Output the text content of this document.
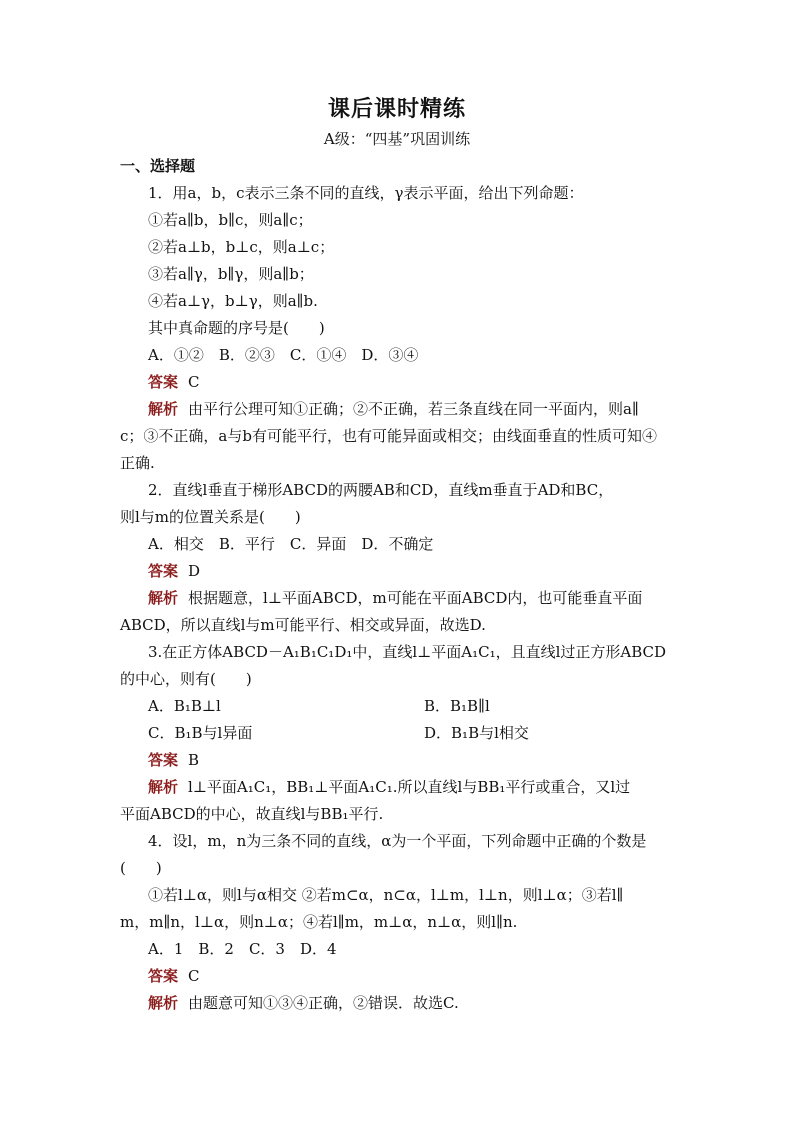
课后课时精练
A级：“四基”巩固训练
一、选择题
1．用a，b，c表示三条不同的直线，γ表示平面，给出下列命题：
①若a∥b，b∥c，则a∥c；
②若a⊥b，b⊥c，则a⊥c；
③若a∥γ，b∥γ，则a∥b；
④若a⊥γ，b⊥γ，则a∥b.
其中真命题的序号是(　　)
A．①②　B．②③　C．①④　D．③④
答案 C
解析 由平行公理可知①正确；②不正确，若三条直线在同一平面内，则a∥
c；③不正确，a与b有可能平行，也有可能异面或相交；由线面垂直的性质可知④
正确.
2．直线l垂直于梯形ABCD的两腰AB和CD，直线m垂直于AD和BC，
则l与m的位置关系是(　　)
A．相交　B．平行　C．异面　D．不确定
答案 D
解析 根据题意，l⊥平面ABCD，m可能在平面ABCD内，也可能垂直平面
ABCD，所以直线l与m可能平行、相交或异面，故选D.
3.在正方体ABCD－A₁B₁C₁D₁中，直线l⊥平面A₁C₁，且直线l过正方形ABCD
的中心，则有(　　)
A．B₁B⊥l	B．B₁B∥l
C．B₁B与l异面	D．B₁B与l相交
答案 B
解析 l⊥平面A₁C₁，BB₁⊥平面A₁C₁.所以直线l与BB₁平行或重合，又l过
平面ABCD的中心，故直线l与BB₁平行.
4．设l，m，n为三条不同的直线，α为一个平面，下列命题中正确的个数是
(　　)
①若l⊥α，则l与α相交 ②若m⊂α，n⊂α，l⊥m，l⊥n，则l⊥α；③若l∥
m，m∥n，l⊥α，则n⊥α；④若l∥m，m⊥α，n⊥α，则l∥n.
A．1　B．2　C．3　D．4
答案 C
解析 由题意可知①③④正确，②错误．故选C.
